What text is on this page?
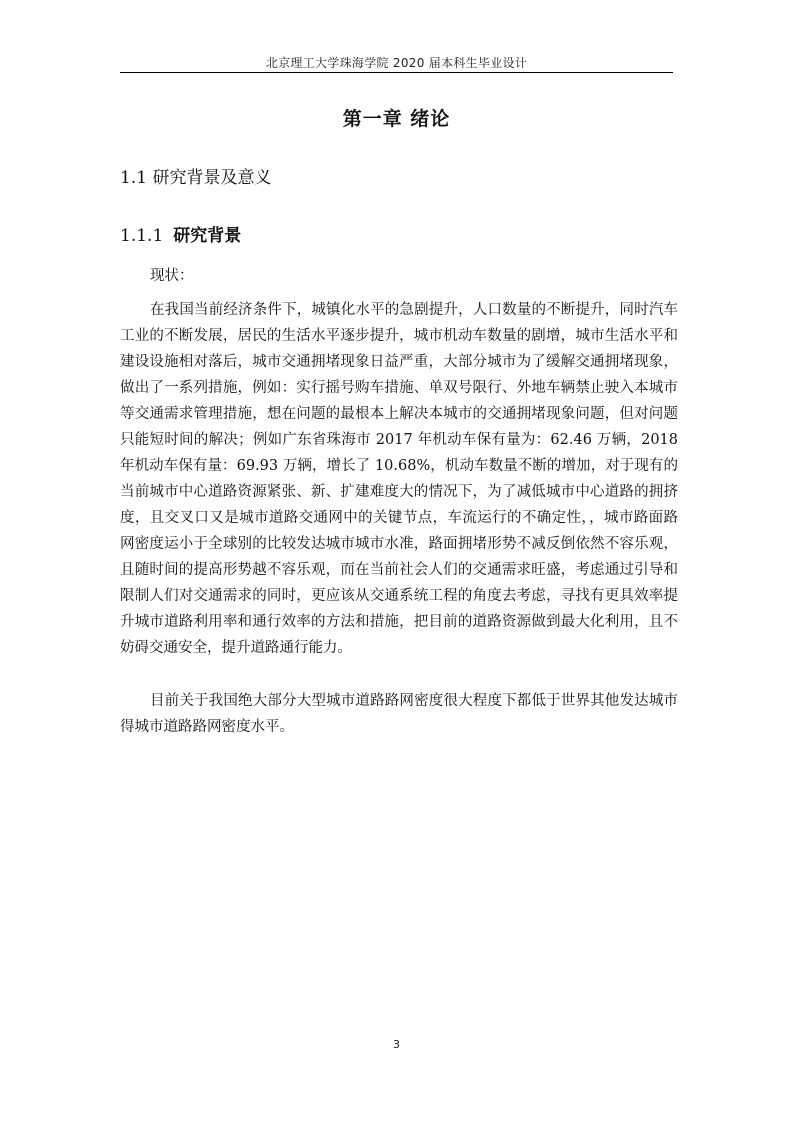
北京理工大学珠海学院 2020 届本科生毕业设计
第一章 绪论
1.1 研究背景及意义
1.1.1 研究背景
现状：
在我国当前经济条件下，城镇化水平的急剧提升，人口数量的不断提升，同时汽车工业的不断发展，居民的生活水平逐步提升，城市机动车数量的剧增，城市生活水平和建设设施相对落后，城市交通拥堵现象日益严重，大部分城市为了缓解交通拥堵现象，做出了一系列措施，例如：实行摇号购车措施、单双号限行、外地车辆禁止驶入本城市等交通需求管理措施，想在问题的最根本上解决本城市的交通拥堵现象问题，但对问题只能短时间的解决；例如广东省珠海市 2017 年机动车保有量为：62.46 万辆，2018 年机动车保有量：69.93 万辆，增长了 10.68%，机动车数量不断的增加，对于现有的当前城市中心道路资源紧张、新、扩建难度大的情况下，为了减低城市中心道路的拥挤度，且交叉口又是城市道路交通网中的关键节点，车流运行的不确定性，，城市路面路网密度运小于全球别的比较发达城市城市水准，路面拥堵形势不减反倒依然不容乐观，且随时间的提高形势越不容乐观，而在当前社会人们的交通需求旺盛，考虑通过引导和限制人们对交通需求的同时，更应该从交通系统工程的角度去考虑，寻找有更具效率提升城市道路利用率和通行效率的方法和措施，把目前的道路资源做到最大化利用，且不妨碍交通安全，提升道路通行能力。
目前关于我国绝大部分大型城市道路路网密度很大程度下都低于世界其他发达城市得城市道路路网密度水平。
3
